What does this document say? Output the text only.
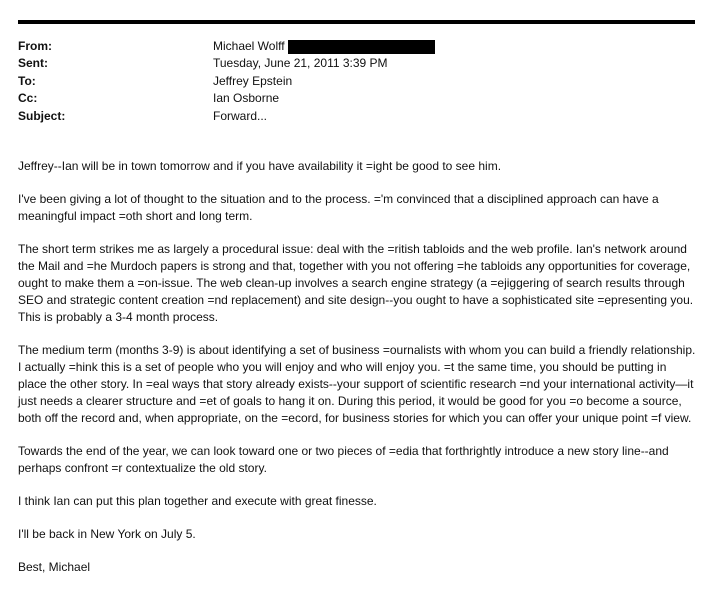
From:	Michael Wolff
Sent:	Tuesday, June 21, 2011 3:39 PM
To:	Jeffrey Epstein
Cc:	Ian Osborne
Subject:	Forward...

Jeffrey--Ian will be in town tomorrow and if you have availability it =ight be good to see him.

I've been giving a lot of thought to the situation and to the process. ='m convinced that a disciplined approach can have a meaningful impact =oth short and long term.

The short term strikes me as largely a procedural issue: deal with the =ritish tabloids and the web profile. Ian's network around the Mail and =he Murdoch papers is strong and that, together with you not offering =he tabloids any opportunities for coverage, ought to make them a =on-issue. The web clean-up involves a search engine strategy (a =ejiggering of search results through SEO and strategic content creation =nd replacement) and site design--you ought to have a sophisticated site =epresenting you. This is probably a 3-4 month process.

The medium term (months 3-9) is about identifying a set of business =ournalists with whom you can build a friendly relationship. I actually =hink this is a set of people who you will enjoy and who will enjoy you. =t the same time, you should be putting in place the other story. In =eal ways that story already exists--your support of scientific research =nd your international activity—it just needs a clearer structure and =et of goals to hang it on. During this period, it would be good for you =o become a source, both off the record and, when appropriate, on the =ecord, for business stories for which you can offer your unique point =f view.

Towards the end of the year, we can look toward one or two pieces of =edia that forthrightly introduce a new story line--and perhaps confront =r contextualize the old story.

I think Ian can put this plan together and execute with great finesse.

I'll be back in New York on July 5.

Best, Michael
